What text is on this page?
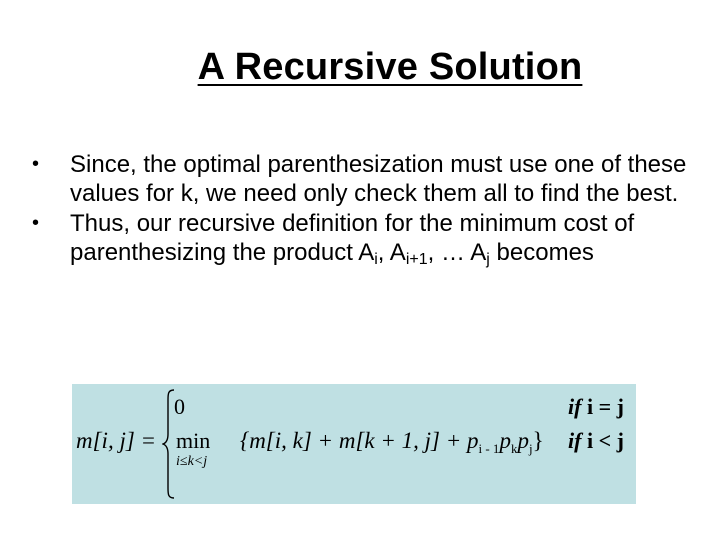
A Recursive Solution
• Since, the optimal parenthesization must use one of these values for k, we need only check them all to find the best.
• Thus, our recursive definition for the minimum cost of parenthesizing the product $A_i$, $A_{i+1}$, … $A_j$ becomes
m[i, j] =
0
min
i≤k<j
{m[i, k] + m[k + 1, $j] + p_{i - 1}p_kp_j$}
if i = j
if i < j
